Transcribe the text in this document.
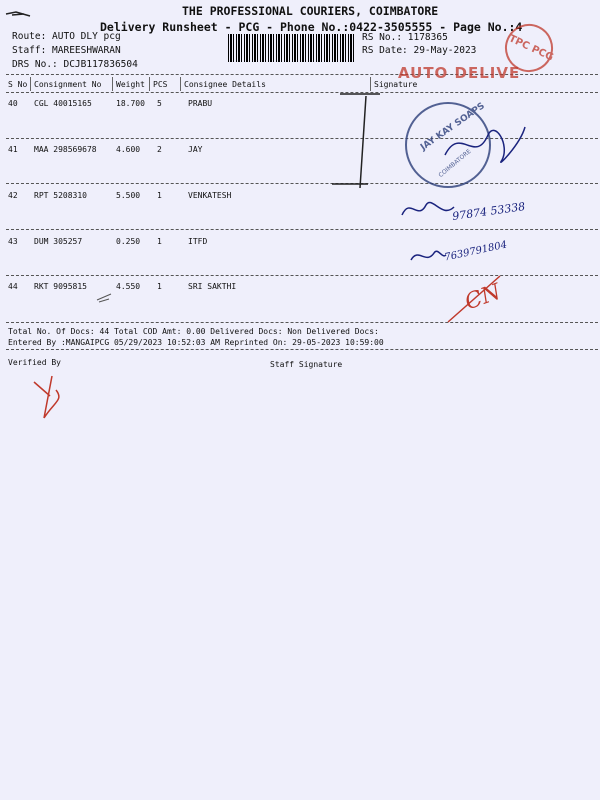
THE PROFESSIONAL COURIERS, COIMBATORE
Delivery Runsheet - PCG - Phone No.:0422-3505555 - Page No.:4
Route: AUTO DLY pcg
Staff: MAREESHWARAN
DRS No.: DCJB117836504
RS No.: 1178365
RS Date: 29-May-2023
S No Consignment No Weight PCS Consignee Details	Signature
40 CGL 40015165	18.700 5	PRABU
41 MAA 298569678 4.600 2	JAY
42 RPT 5208310	5.500 1	VENKATESH
43 DUM 305257	0.250 1	ITFD
44 RKT 9095815	4.550 1	SRI SAKTHI
Total No. Of Docs: 44 Total COD Amt: 0.00 Delivered Docs: Non Delivered Docs:
Entered By :MANGAIPCG 05/29/2023 10:52:03 AM Reprinted On: 29-05-2023 10:59:00
Verified By	Staff Signature
AUTO DELIVE
TPC PCG
JAY KAY SOAPS
COIMBATORE
97874 53338
7639791804
CN
